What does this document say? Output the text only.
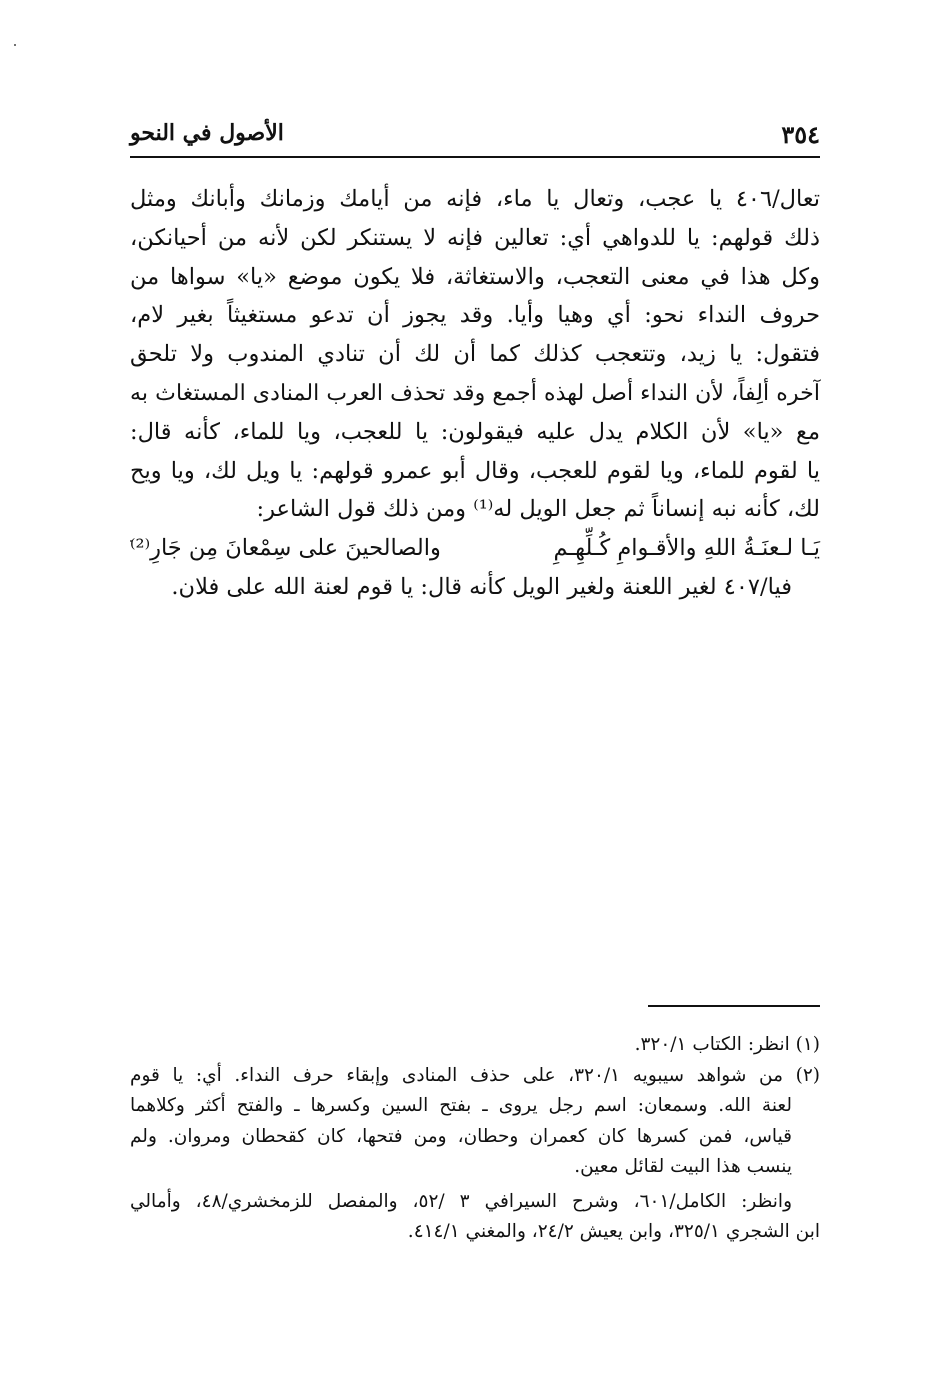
٣٥٤
الأصول في النحو
تعال/٤٠٦ يا عجب، وتعال يا ماء، فإنه من أيامك وزمانك وأبانك ومثل
ذلك قولهم: يا للدواهي أي: تعالين فإنه لا يستنكر لكن لأنه من أحيانكن،
وكل هذا في معنى التعجب، والاستغاثة، فلا يكون موضع «يا» سواها من
حروف النداء نحو: أي وهيا وأيا. وقد يجوز أن تدعو مستغيثاً بغير لام،
فتقول: يا زيد، وتتعجب كذلك كما أن لك أن تنادي المندوب ولا تلحق
آخره ألِفاً، لأن النداء أصل لهذه أجمع وقد تحذف العرب المنادى المستغاث به
مع «يا» لأن الكلام يدل عليه فيقولون: يا للعجب، ويا للماء، كأنه قال:
يا لقوم للماء، ويا لقوم للعجب، وقال أبو عمرو قولهم: يا ويل لك، ويا ويح
لك، كأنه نبه إنساناً ثم جعل الويل له⁽¹⁾ ومن ذلك قول الشاعر:
يَـا لـعنَـةُ اللهِ والأقـوامِ كُـلِّهِـمِ
والصالحينَ على سِمْعانَ مِن جَارِ⁽²⁾
فيا/٤٠٧ لغير اللعنة ولغير الويل كأنه قال: يا قوم لعنة الله على فلان.
(١) انظر: الكتاب ٣٢٠/١.
(٢) من شواهد سيبويه ٣٢٠/١، على حذف المنادى وإبقاء حرف النداء. أي: يا قوم
لعنة الله. وسمعان: اسم رجل يروى ـ بفتح السين وكسرها ـ والفتح أكثر وكلاهما
قياس، فمن كسرها كان كعمران وحطان، ومن فتحها، كان كقحطان ومروان. ولم
ينسب هذا البيت لقائل معين.
وانظر: الكامل/٦٠١، وشرح السيرافي ٣ /٥٢، والمفصل للزمخشري/٤٨، وأمالي
ابن الشجري ٣٢٥/١، وابن يعيش ٢٤/٢، والمغني ٤١٤/١.
